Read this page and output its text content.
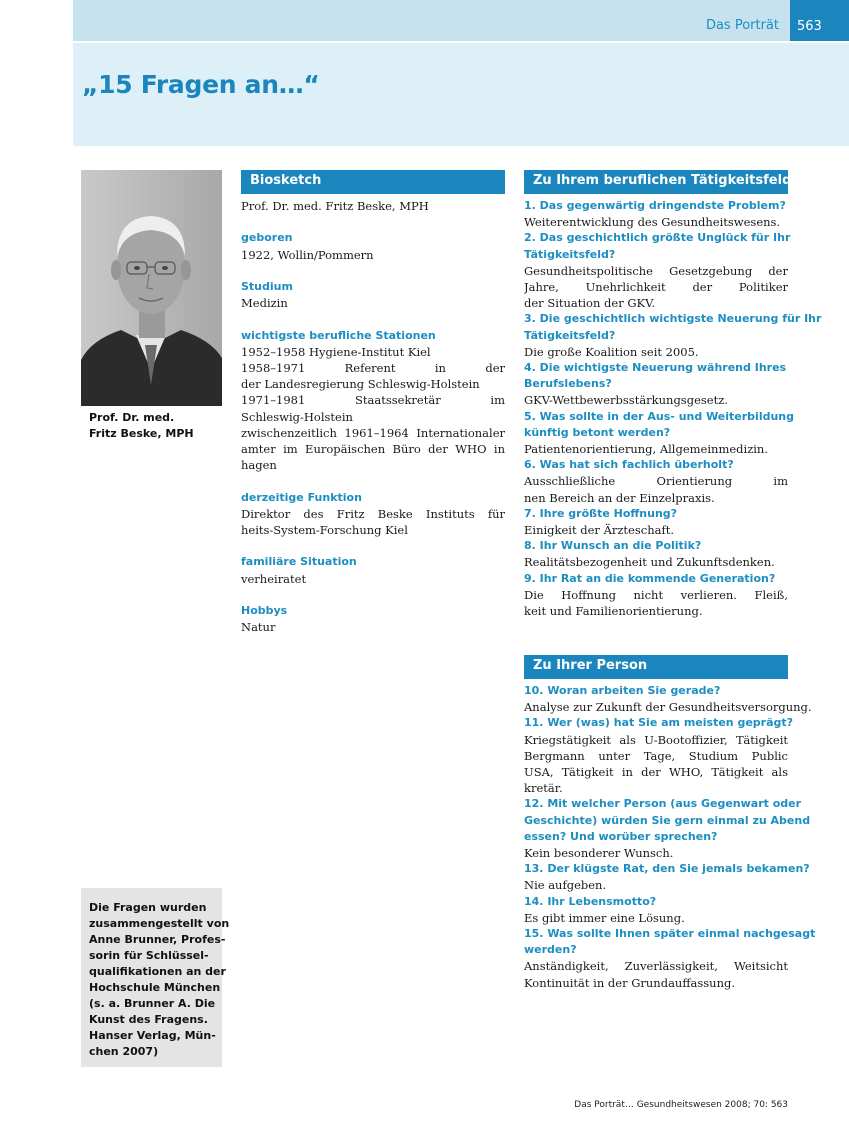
Das Porträt	563
„15 Fragen an…“
Prof. Dr. med.
Fritz Beske, MPH
Die Fragen wurden
zusammengestellt von
Anne Brunner, Profes-
sorin für Schlüssel-
qualifikationen an der
Hochschule München
(s. a. Brunner A. Die
Kunst des Fragens.
Hanser Verlag, Mün-
chen 2007)
Biosketch
Prof. Dr. med. Fritz Beske, MPH
geboren
1922, Wollin/Pommern
Studium
Medizin
wichtigste berufliche Stationen
1952–1958 Hygiene-Institut Kiel
1958–1971 Referent in der
der Landesregierung Schleswig-Holstein
1971–1981 Staatssekretär im
Schleswig-Holstein
zwischenzeitlich 1961–1964 Internationaler
amter im Europäischen Büro der WHO in
hagen
derzeitige Funktion
Direktor des Fritz Beske Instituts für
heits-System-Forschung Kiel
familiäre Situation
verheiratet
Hobbys
Natur
Zu Ihrem beruflichen Tätigkeitsfeld
1. Das gegenwärtig dringendste Problem?
Weiterentwicklung des Gesundheitswesens.
2. Das geschichtlich größte Unglück für Ihr
Tätigkeitsfeld?
Gesundheitspolitische Gesetzgebung der
Jahre, Unehrlichkeit der Politiker
der Situation der GKV.
3. Die geschichtlich wichtigste Neuerung für Ihr
Tätigkeitsfeld?
Die große Koalition seit 2005.
4. Die wichtigste Neuerung während Ihres
Berufslebens?
GKV-Wettbewerbsstärkungsgesetz.
5. Was sollte in der Aus- und Weiterbildung
künftig betont werden?
Patientenorientierung, Allgemeinmedizin.
6. Was hat sich fachlich überholt?
Ausschließliche Orientierung im
nen Bereich an der Einzelpraxis.
7. Ihre größte Hoffnung?
Einigkeit der Ärzteschaft.
8. Ihr Wunsch an die Politik?
Realitätsbezogenheit und Zukunftsdenken.
9. Ihr Rat an die kommende Generation?
Die Hoffnung nicht verlieren. Fleiß,
keit und Familienorientierung.
Zu Ihrer Person
10. Woran arbeiten Sie gerade?
Analyse zur Zukunft der Gesundheitsversorgung.
11. Wer (was) hat Sie am meisten geprägt?
Kriegstätigkeit als U-Bootoffizier, Tätigkeit
Bergmann unter Tage, Studium Public
USA, Tätigkeit in der WHO, Tätigkeit als
kretär.
12. Mit welcher Person (aus Gegenwart oder
Geschichte) würden Sie gern einmal zu Abend
essen? Und worüber sprechen?
Kein besonderer Wunsch.
13. Der klügste Rat, den Sie jemals bekamen?
Nie aufgeben.
14. Ihr Lebensmotto?
Es gibt immer eine Lösung.
15. Was sollte Ihnen später einmal nachgesagt
werden?
Anständigkeit, Zuverlässigkeit, Weitsicht
Kontinuität in der Grundauffassung.
Das Porträt… Gesundheitswesen 2008; 70: 563
